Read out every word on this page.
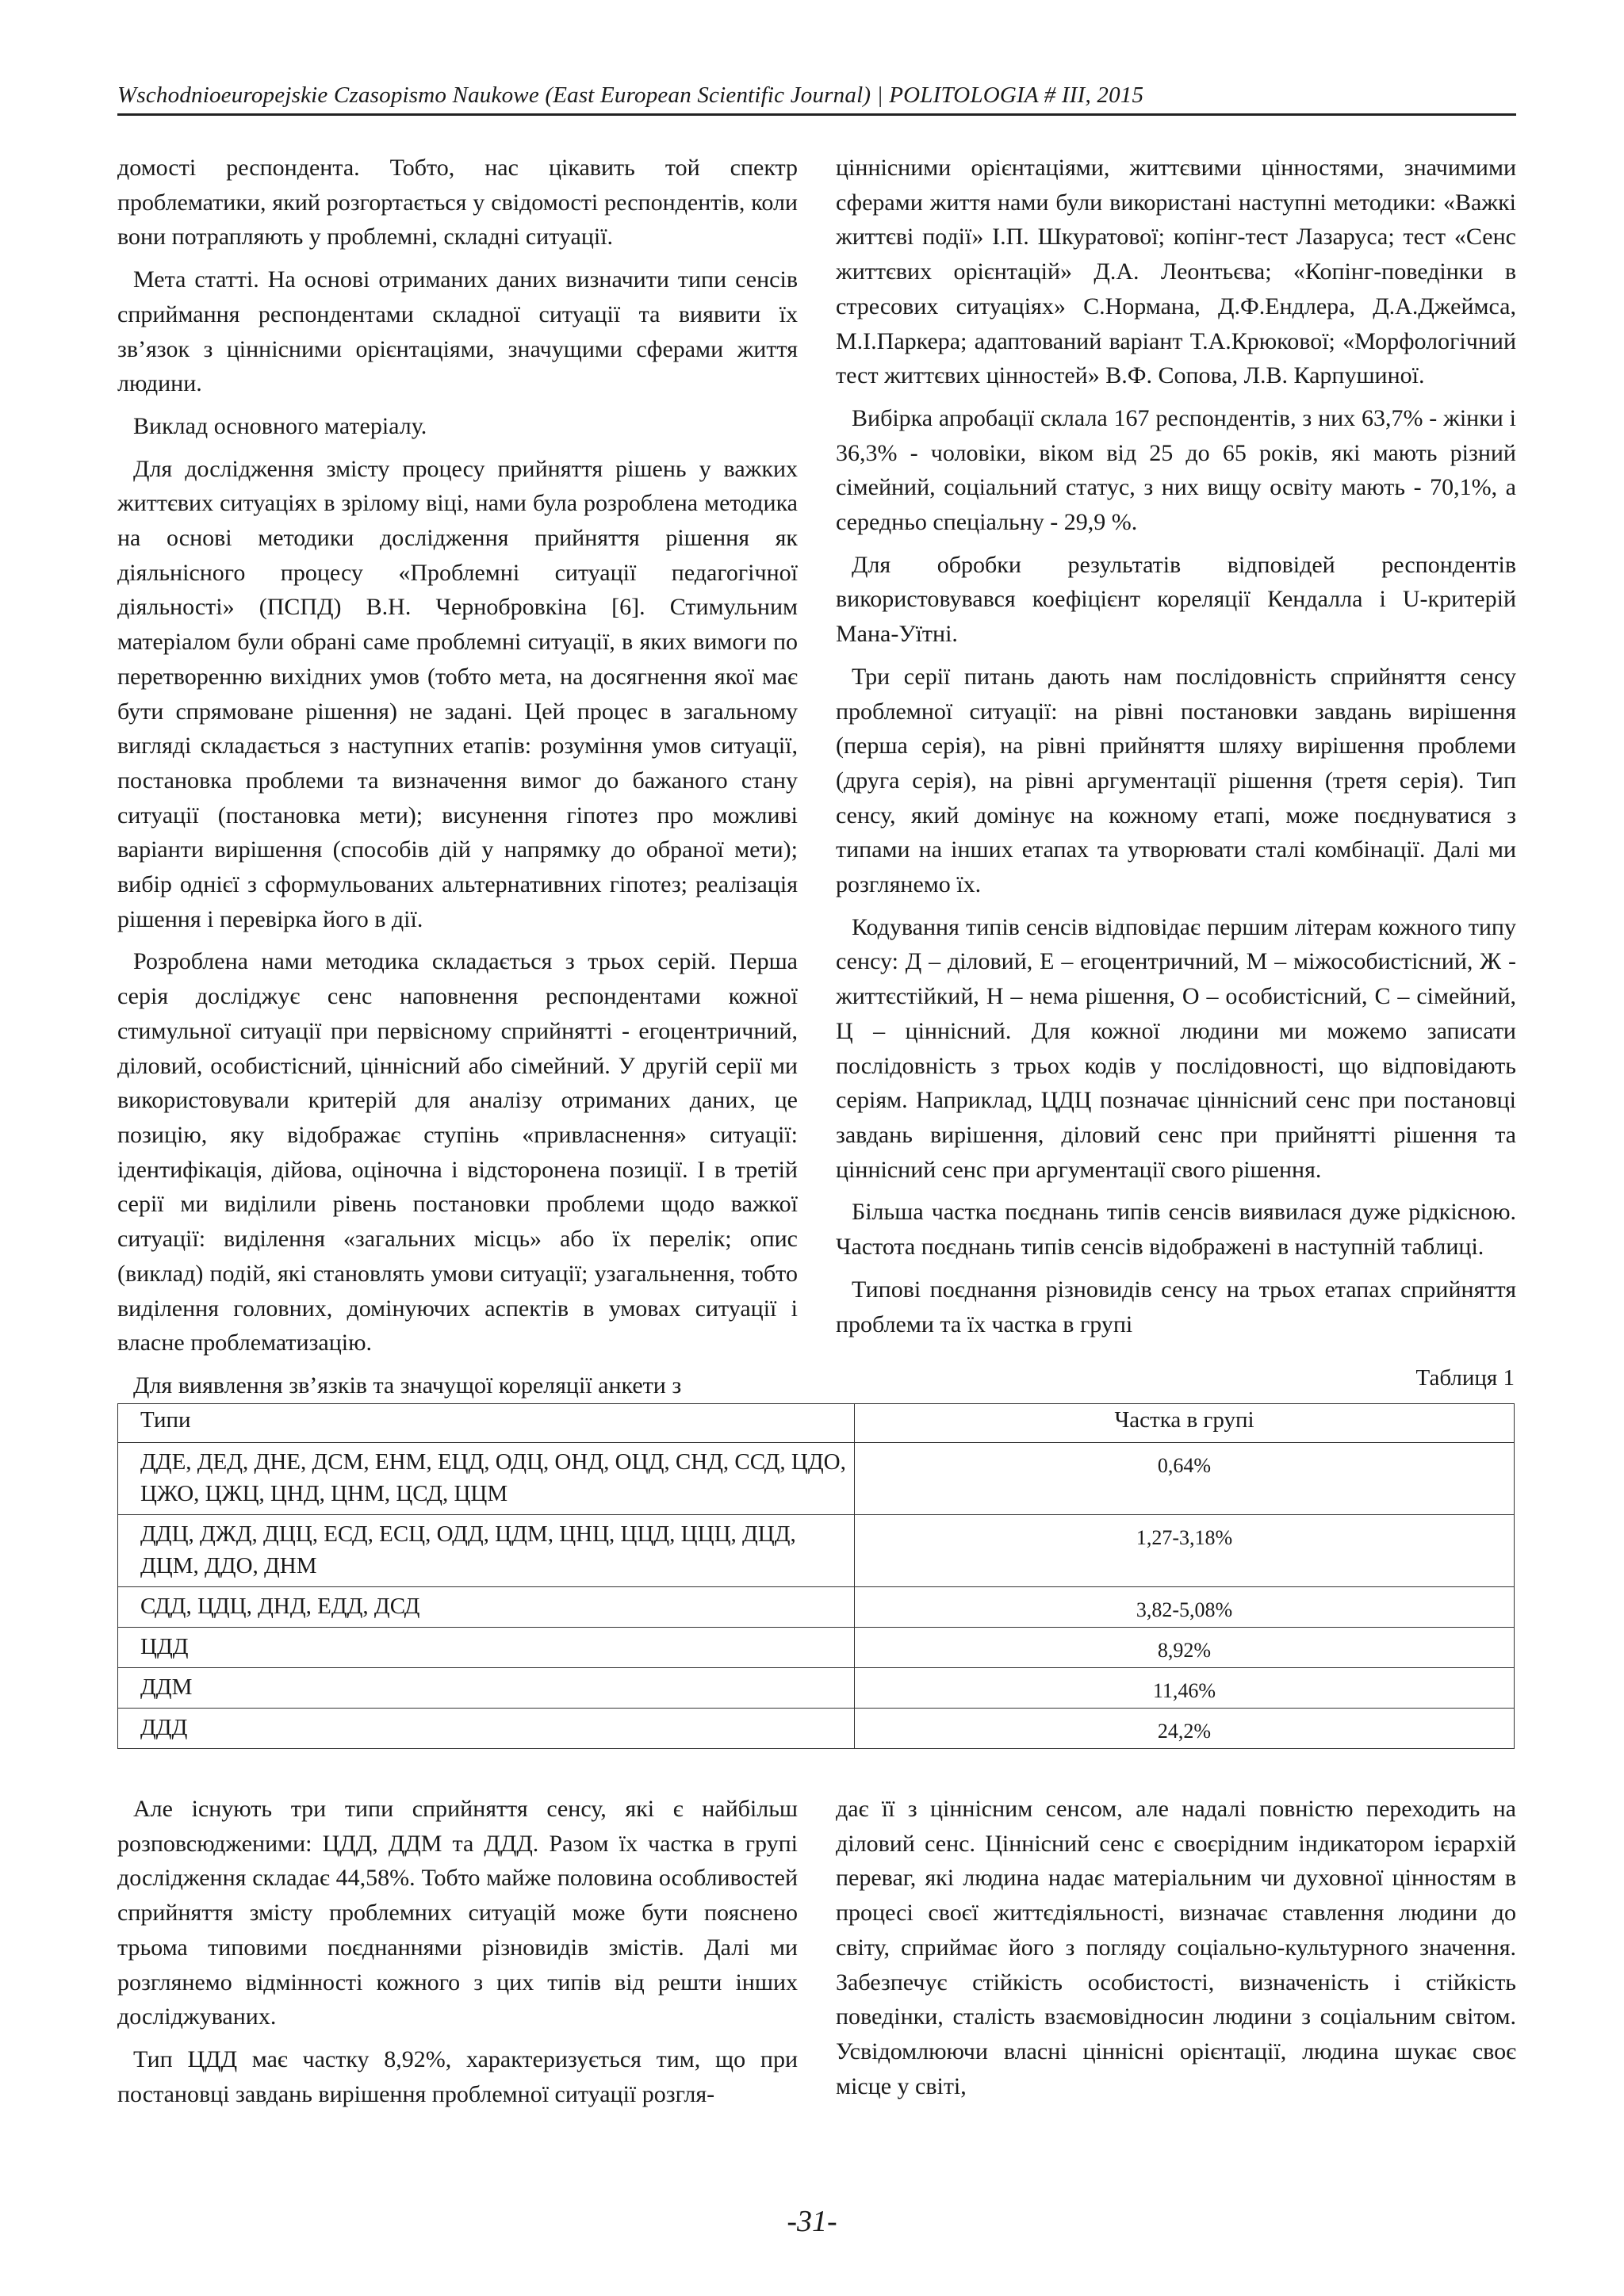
Wschodnioeuropejskie Czasopismo Naukowe (East European Scientific Journal) | POLITOLOGIA # III, 2015

домості респондента. Тобто, нас цікавить той спектр проблематики, який розгортається у свідомості респондентів, коли вони потрапляють у проблемні, складні ситуації.

Мета статті. На основі отриманих даних визначити типи сенсів сприймання респондентами складної ситуації та виявити їх зв’язок з ціннісними орієнтаціями, значущими сферами життя людини.

Виклад основного матеріалу.

Для дослідження змісту процесу прийняття рішень у важких життєвих ситуаціях в зрілому віці, нами була розроблена методика на основі методики дослідження прийняття рішення як діяльнісного процесу «Проблемні ситуації педагогічної діяльності» (ПСПД) В.Н. Чернобровкіна [6]. Стимульним матеріалом були обрані саме проблемні ситуації, в яких вимоги по перетворенню вихідних умов (тобто мета, на досягнення якої має бути спрямоване рішення) не задані. Цей процес в загальному вигляді складається з наступних етапів: розуміння умов ситуації, постановка проблеми та визначення вимог до бажаного стану ситуації (постановка мети); висунення гіпотез про можливі варіанти вирішення (способів дій у напрямку до обраної мети); вибір однієї з сформульованих альтернативних гіпотез; реалізація рішення і перевірка його в дії.

Розроблена нами методика складається з трьох серій. Перша серія досліджує сенс наповнення респондентами кожної стимульної ситуації при первісному сприйнятті - егоцентричний, діловий, особистісний, ціннісний або сімейний. У другій серії ми використовували критерій для аналізу отриманих даних, це позицію, яку відображає ступінь «привласнення» ситуації: ідентифікація, дійова, оціночна і відсторонена позиції. І в третій серії ми виділили рівень постановки проблеми щодо важкої ситуації: виділення «загальних місць» або їх перелік; опис (виклад) подій, які становлять умови ситуації; узагальнення, тобто виділення головних, домінуючих аспектів в умовах ситуації і власне проблематизацію.

Для виявлення зв’язків та значущої кореляції анкети з

ціннісними орієнтаціями, життєвими цінностями, значимими сферами життя нами були використані наступні методики: «Важкі життєві події» І.П. Шкуратової; копінг-тест Лазаруса; тест «Сенс життєвих орієнтацій» Д.А. Леонтьєва; «Копінг-поведінки в стресових ситуаціях» С.Нормана, Д.Ф.Ендлера, Д.А.Джеймса, М.І.Паркера; адаптований варіант Т.А.Крюкової; «Морфологічний тест життєвих цінностей» В.Ф. Сопова, Л.В. Карпушиної.

Вибірка апробації склала 167 респондентів, з них 63,7% - жінки і 36,3% - чоловіки, віком від 25 до 65 років, які мають різний сімейний, соціальний статус, з них вищу освіту мають - 70,1%, а середньо спеціальну - 29,9 %.

Для обробки результатів відповідей респондентів використовувався коефіцієнт кореляції Кендалла і U-критерій Мана-Уїтні.

Три серії питань дають нам послідовність сприйняття сенсу проблемної ситуації: на рівні постановки завдань вирішення (перша серія), на рівні прийняття шляху вирішення проблеми (друга серія), на рівні аргументації рішення (третя серія). Тип сенсу, який домінує на кожному етапі, може поєднуватися з типами на інших етапах та утворювати сталі комбінації. Далі ми розглянемо їх.

Кодування типів сенсів відповідає першим літерам кожного типу сенсу: Д – діловий, Е – егоцентричний, М – міжособистісний, Ж - життєстійкий, Н – нема рішення, О – особистісний, С – сімейний, Ц – ціннісний. Для кожної людини ми можемо записати послідовність з трьох кодів у послідовності, що відповідають серіям. Наприклад, ЦДЦ позначає ціннісний сенс при постановці завдань вирішення, діловий сенс при прийнятті рішення та ціннісний сенс при аргументації свого рішення.

Більша частка поєднань типів сенсів виявилася дуже рідкісною. Частота поєднань типів сенсів відображені в наступній таблиці.

Типові поєднання різновидів сенсу на трьох етапах сприйняття проблеми та їх частка в групі

Таблиця 1
Типи	Частка в групі
ДДЕ, ДЕД, ДНЕ, ДСМ, ЕНМ, ЕЦД, ОДЦ, ОНД, ОЦД, СНД, ССД, ЦДО, ЦЖО, ЦЖЦ, ЦНД, ЦНМ, ЦСД, ЦЦМ	0,64%
ДДЦ, ДЖД, ДЦЦ, ЕСД, ЕСЦ, ОДД, ЦДМ, ЦНЦ, ЦЦД, ЦЦЦ, ДЦД, ДЦМ, ДДО, ДНМ	1,27-3,18%
СДД, ЦДЦ, ДНД, ЕДД, ДСД	3,82-5,08%
ЦДД	8,92%
ДДМ	11,46%
ДДД	24,2%

Але існують три типи сприйняття сенсу, які є найбільш розповсюдженими: ЦДД, ДДМ та ДДД. Разом їх частка в групі дослідження складає 44,58%. Тобто майже половина особливостей сприйняття змісту проблемних ситуацій може бути пояснено трьома типовими поєднаннями різновидів змістів. Далі ми розглянемо відмінності кожного з цих типів від решти інших досліджуваних.

Тип ЦДД має частку 8,92%, характеризується тим, що при постановці завдань вирішення проблемної ситуації розгля-

дає її з ціннісним сенсом, але надалі повністю переходить на діловий сенс. Ціннісний сенс є своєрідним індикатором ієрархій переваг, які людина надає матеріальним чи духовної цінностям в процесі своєї життєдіяльності, визначає ставлення людини до світу, сприймає його з погляду соціально-культурного значення. Забезпечує стійкість особистості, визначеність і стійкість поведінки, сталість взаємовідносин людини з соціальним світом. Усвідомлюючи власні ціннісні орієнтації, людина шукає своє місце у світі,

-31-
